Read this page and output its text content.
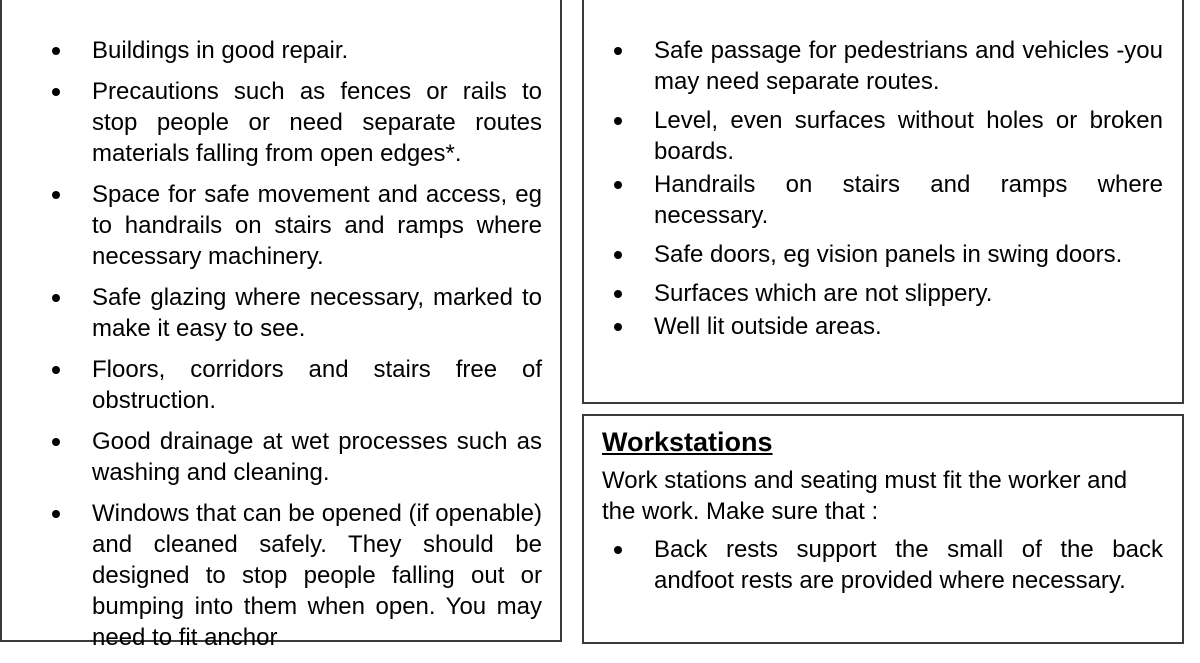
Buildings in good repair.
Precautions such as fences or rails to stop people or need separate routes materials falling from open edges*.
Space for safe movement and access, eg to handrails on stairs and ramps where necessary machinery.
Safe glazing where necessary, marked to make it easy to see.
Floors, corridors and stairs free of obstruction.
Good drainage at wet processes such as washing and cleaning.
Windows that can be opened (if openable) and cleaned safely. They should be designed to stop people falling out or bumping into them when open. You may need to fit anchor
Safe passage for pedestrians and vehicles -you may need separate routes.
Level, even surfaces without holes or broken boards.
Handrails on stairs and ramps where necessary.
Safe doors, eg vision panels in swing doors.
Surfaces which are not slippery.
Well lit outside areas.
Workstations
Work stations and seating must fit the worker and the work. Make sure that :
Back rests support the small of the back andfoot rests are provided where necessary.
